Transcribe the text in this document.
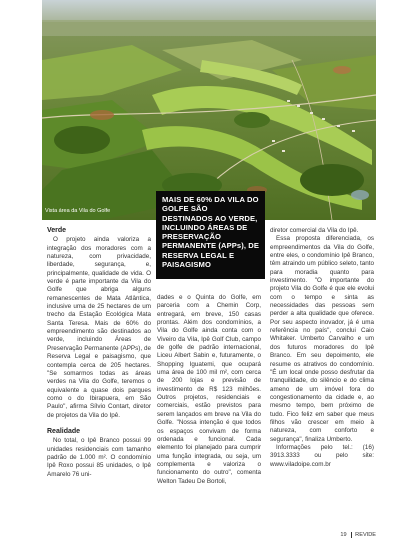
Vista área da Vila do Golfe
MAIS DE 60% DA VILA DO GOLFE SÃO DESTINADOS AO VERDE, INCLUINDO ÁREAS DE PRESERVAÇÃO PERMANENTE (APPs), DE RESERVA LEGAL E PAISAGISMO
Verde

O projeto ainda valoriza a integração dos moradores com a natureza, com privacidade, liberdade, segurança, e, principalmente, qualidade de vida. O verde é parte importante da Vila do Golfe que abriga alguns remanescentes de Mata Atlântica, inclusive uma de 25 hectares de um trecho da Estação Ecológica Mata Santa Teresa. Mais de 60% do empreendimento são destinados ao verde, incluindo Áreas de Preservação Permanente (APPs), de Reserva Legal e paisagismo, que contempla cerca de 205 hectares. "Se somarmos todas as áreas verdes na Vila do Golfe, teremos o equivalente a quase dois parques como o do Ibirapuera, em São Paulo", afirma Sílvio Contart, diretor de projetos da Vila do Ipê.

Realidade

No total, o Ipê Branco possui 99 unidades residenciais com tamanho padrão de 1.000 m². O condomínio Ipê Roxo possui 85 unidades, o Ipê Amarelo 76 uni-

dades e o Quinta do Golfe, em parceria com a Chemin Corp, entregará, em breve, 150 casas prontas. Além dos condomínios, a Vila do Golfe ainda conta com o Viveiro da Vila, Ipê Golf Club, campo de golfe de padrão internacional, Liceu Albert Sabin e, futuramente, o Shopping Iguatemi, que ocupará uma área de 100 mil m², com cerca de 200 lojas e previsão de investimento de R$ 123 milhões. Outros projetos, residenciais e comerciais, estão previstos para serem lançados em breve na Vila do Golfe. "Nossa intenção é que todos os espaços convivam de forma ordenada e funcional. Cada elemento foi planejado para cumprir uma função integrada, ou seja, um complementa e valoriza o funcionamento do outro", comenta Welton Tadeu De Bortoli,

diretor comercial da Vila do Ipê.

Essa proposta diferenciada, os empreendimentos da Vila do Golfe, entre eles, o condomínio Ipê Branco, têm atraindo um público seleto, tanto para moradia quanto para investimento. "O importante do projeto Vila do Golfe é que ele evolui com o tempo e sinta as necessidades das pessoas sem perder a alta qualidade que oferece. Por seu aspecto inovador, já é uma referência no país", conclui Caio Whitaker. Umberto Carvalho e um dos futuros moradores do Ipê Branco. Em seu depoimento, ele resume os atrativos do condomínio. "É um local onde posso desfrutar da tranquilidade, do silêncio e do clima ameno de um imóvel fora do congestionamento da cidade e, ao mesmo tempo, bem próximo de tudo. Fico feliz em saber que meus filhos vão crescer em meio à natureza, com conforto e segurança", finaliza Umberto.

Informações pelo tel.: (16) 3913.3333 ou pelo site: www.viladoipe.com.br

19 REVIDE
